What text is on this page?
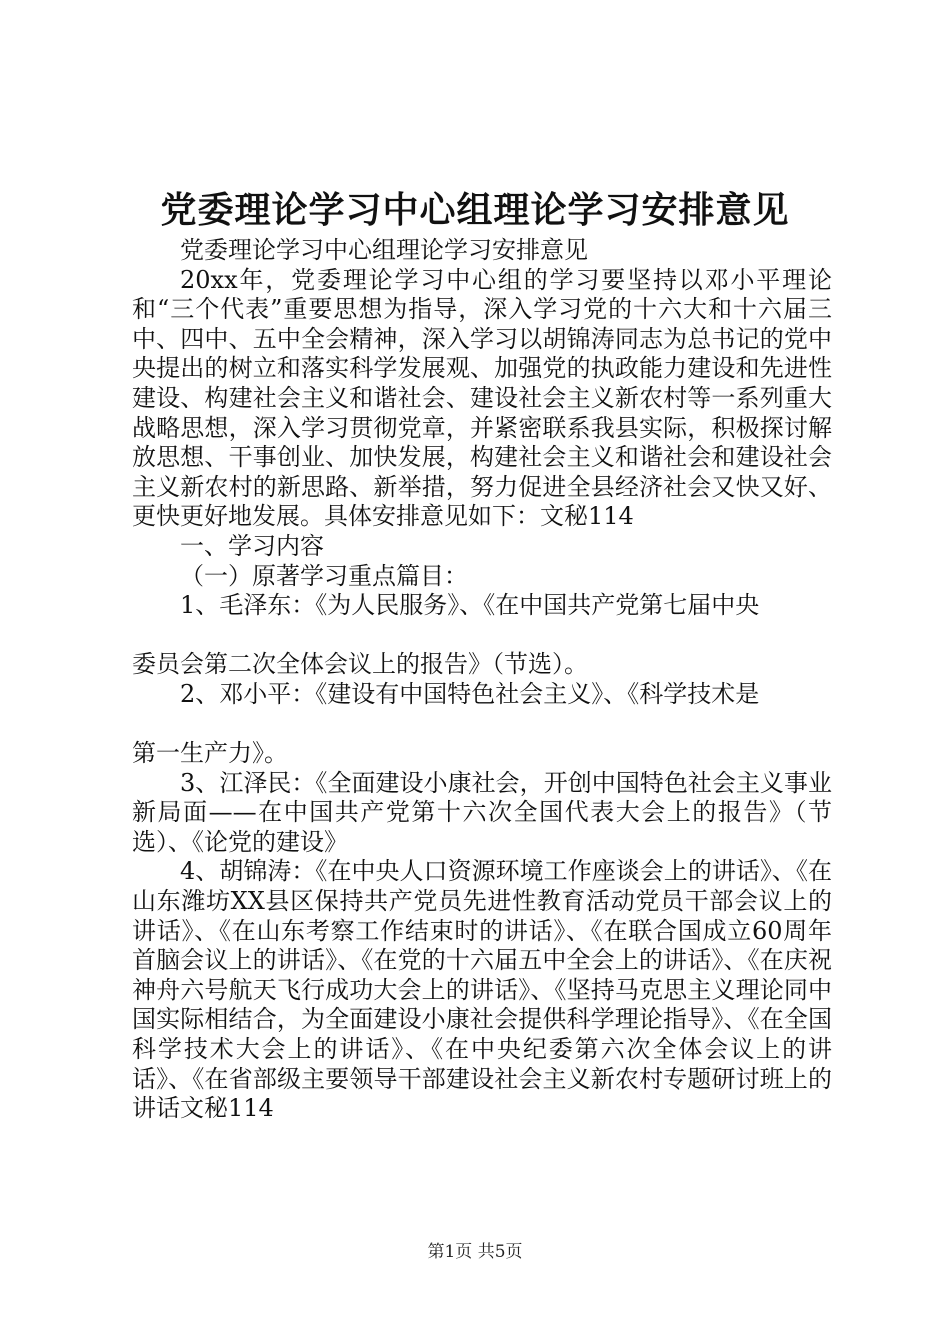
党委理论学习中心组理论学习安排意见

党委理论学习中心组理论学习安排意见

20xx年，党委理论学习中心组的学习要坚持以邓小平理论和“三个代表”重要思想为指导，深入学习党的十六大和十六届三中、四中、五中全会精神，深入学习以胡锦涛同志为总书记的党中央提出的树立和落实科学发展观、加强党的执政能力建设和先进性建设、构建社会主义和谐社会、建设社会主义新农村等一系列重大战略思想，深入学习贯彻党章，并紧密联系我县实际，积极探讨解放思想、干事创业、加快发展，构建社会主义和谐社会和建设社会主义新农村的新思路、新举措，努力促进全县经济社会又快又好、更快更好地发展。具体安排意见如下：文秘114

一、学习内容

（一）原著学习重点篇目：

1、毛泽东：《为人民服务》、《在中国共产党第七届中央

委员会第二次全体会议上的报告》（节选）。

2、邓小平：《建设有中国特色社会主义》、《科学技术是

第一生产力》。

3、江泽民：《全面建设小康社会，开创中国特色社会主义事业新局面——在中国共产党第十六次全国代表大会上的报告》（节选）、《论党的建设》

4、胡锦涛：《在中央人口资源环境工作座谈会上的讲话》、《在山东潍坊XX县区保持共产党员先进性教育活动党员干部会议上的讲话》、《在山东考察工作结束时的讲话》、《在联合国成立60周年首脑会议上的讲话》、《在党的十六届五中全会上的讲话》、《在庆祝神舟六号航天飞行成功大会上的讲话》、《坚持马克思主义理论同中国实际相结合，为全面建设小康社会提供科学理论指导》、《在全国科学技术大会上的讲话》、《在中央纪委第六次全体会议上的讲话》、《在省部级主要领导干部建设社会主义新农村专题研讨班上的讲话文秘114

第1页 共5页
